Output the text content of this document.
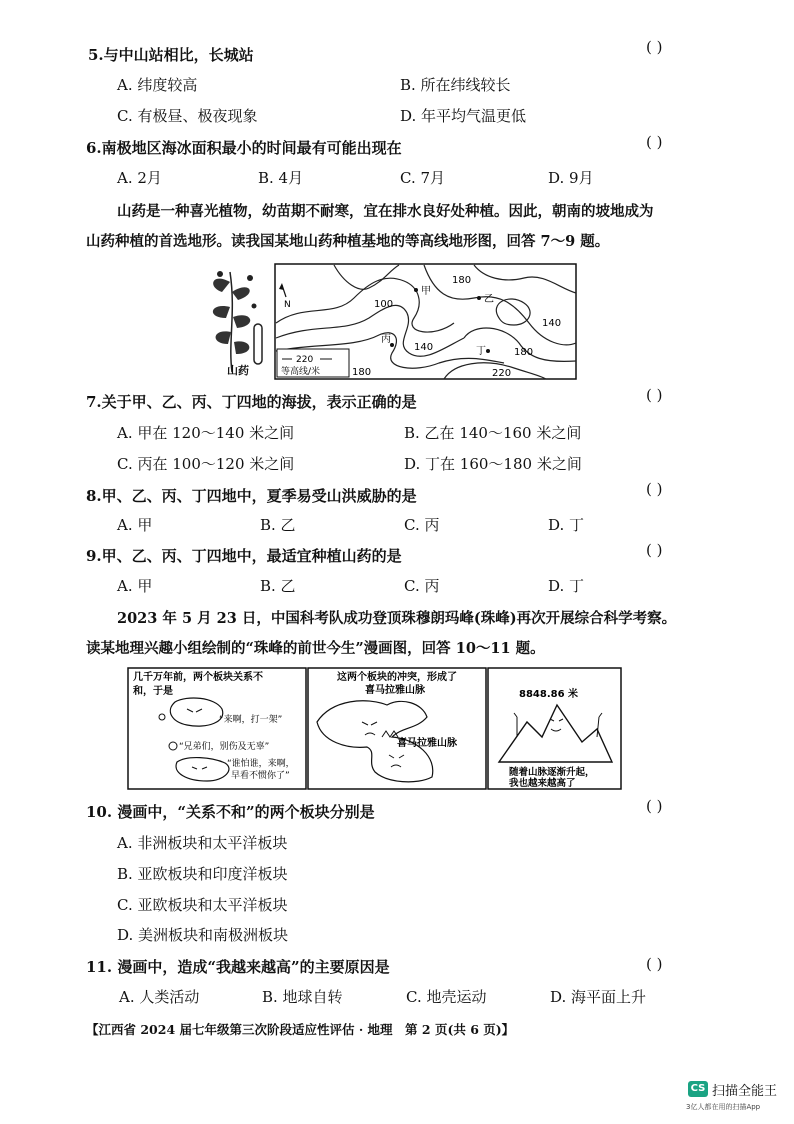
5.与中山站相比，长城站	( )
A. 纬度较高	B. 所在纬线较长
C. 有极昼、极夜现象	D. 年平均气温更低
6.南极地区海冰面积最小的时间最有可能出现在	( )
A. 2月	B. 4月	C. 7月	D. 9月
山药是一种喜光植物，幼苗期不耐寒，宜在排水良好处种植。因此，朝南的坡地成为
山药种植的首选地形。读我国某地山药种植基地的等高线地形图，回答 7～9 题。
山药
N
180
100
140
140
180
180
220
甲
乙
丙
丁
220
等高线/米
7.关于甲、乙、丙、丁四地的海拔，表示正确的是	( )
A. 甲在 120～140 米之间	B. 乙在 140～160 米之间
C. 丙在 100～120 米之间	D. 丁在 160～180 米之间
8.甲、乙、丙、丁四地中，夏季易受山洪威胁的是	( )
A. 甲	B. 乙	C. 丙	D. 丁
9.甲、乙、丙、丁四地中，最适宜种植山药的是	( )
A. 甲	B. 乙	C. 丙	D. 丁
2023 年 5 月 23 日，中国科考队成功登顶珠穆朗玛峰(珠峰)再次开展综合科学考察。
读某地理兴趣小组绘制的“珠峰的前世今生”漫画图，回答 10～11 题。
几千万年前，两个板块关系不
和，于是
“来啊，打一架”
“兄弟们，别伤及无辜”
“谁怕谁，来啊，
早看不惯你了”
这两个板块的冲突，形成了
喜马拉雅山脉
喜马拉雅山脉
8848.86 米
随着山脉逐渐升起，
我也越来越高了
10. 漫画中，“关系不和”的两个板块分别是	( )
A. 非洲板块和太平洋板块
B. 亚欧板块和印度洋板块
C. 亚欧板块和太平洋板块
D. 美洲板块和南极洲板块
11. 漫画中，造成“我越来越高”的主要原因是	( )
A. 人类活动	B. 地球自转	C. 地壳运动	D. 海平面上升
【江西省 2024 届七年级第三次阶段适应性评估 · 地理　第 2 页(共 6 页)】
CS 扫描全能王
3亿人都在用的扫描App
